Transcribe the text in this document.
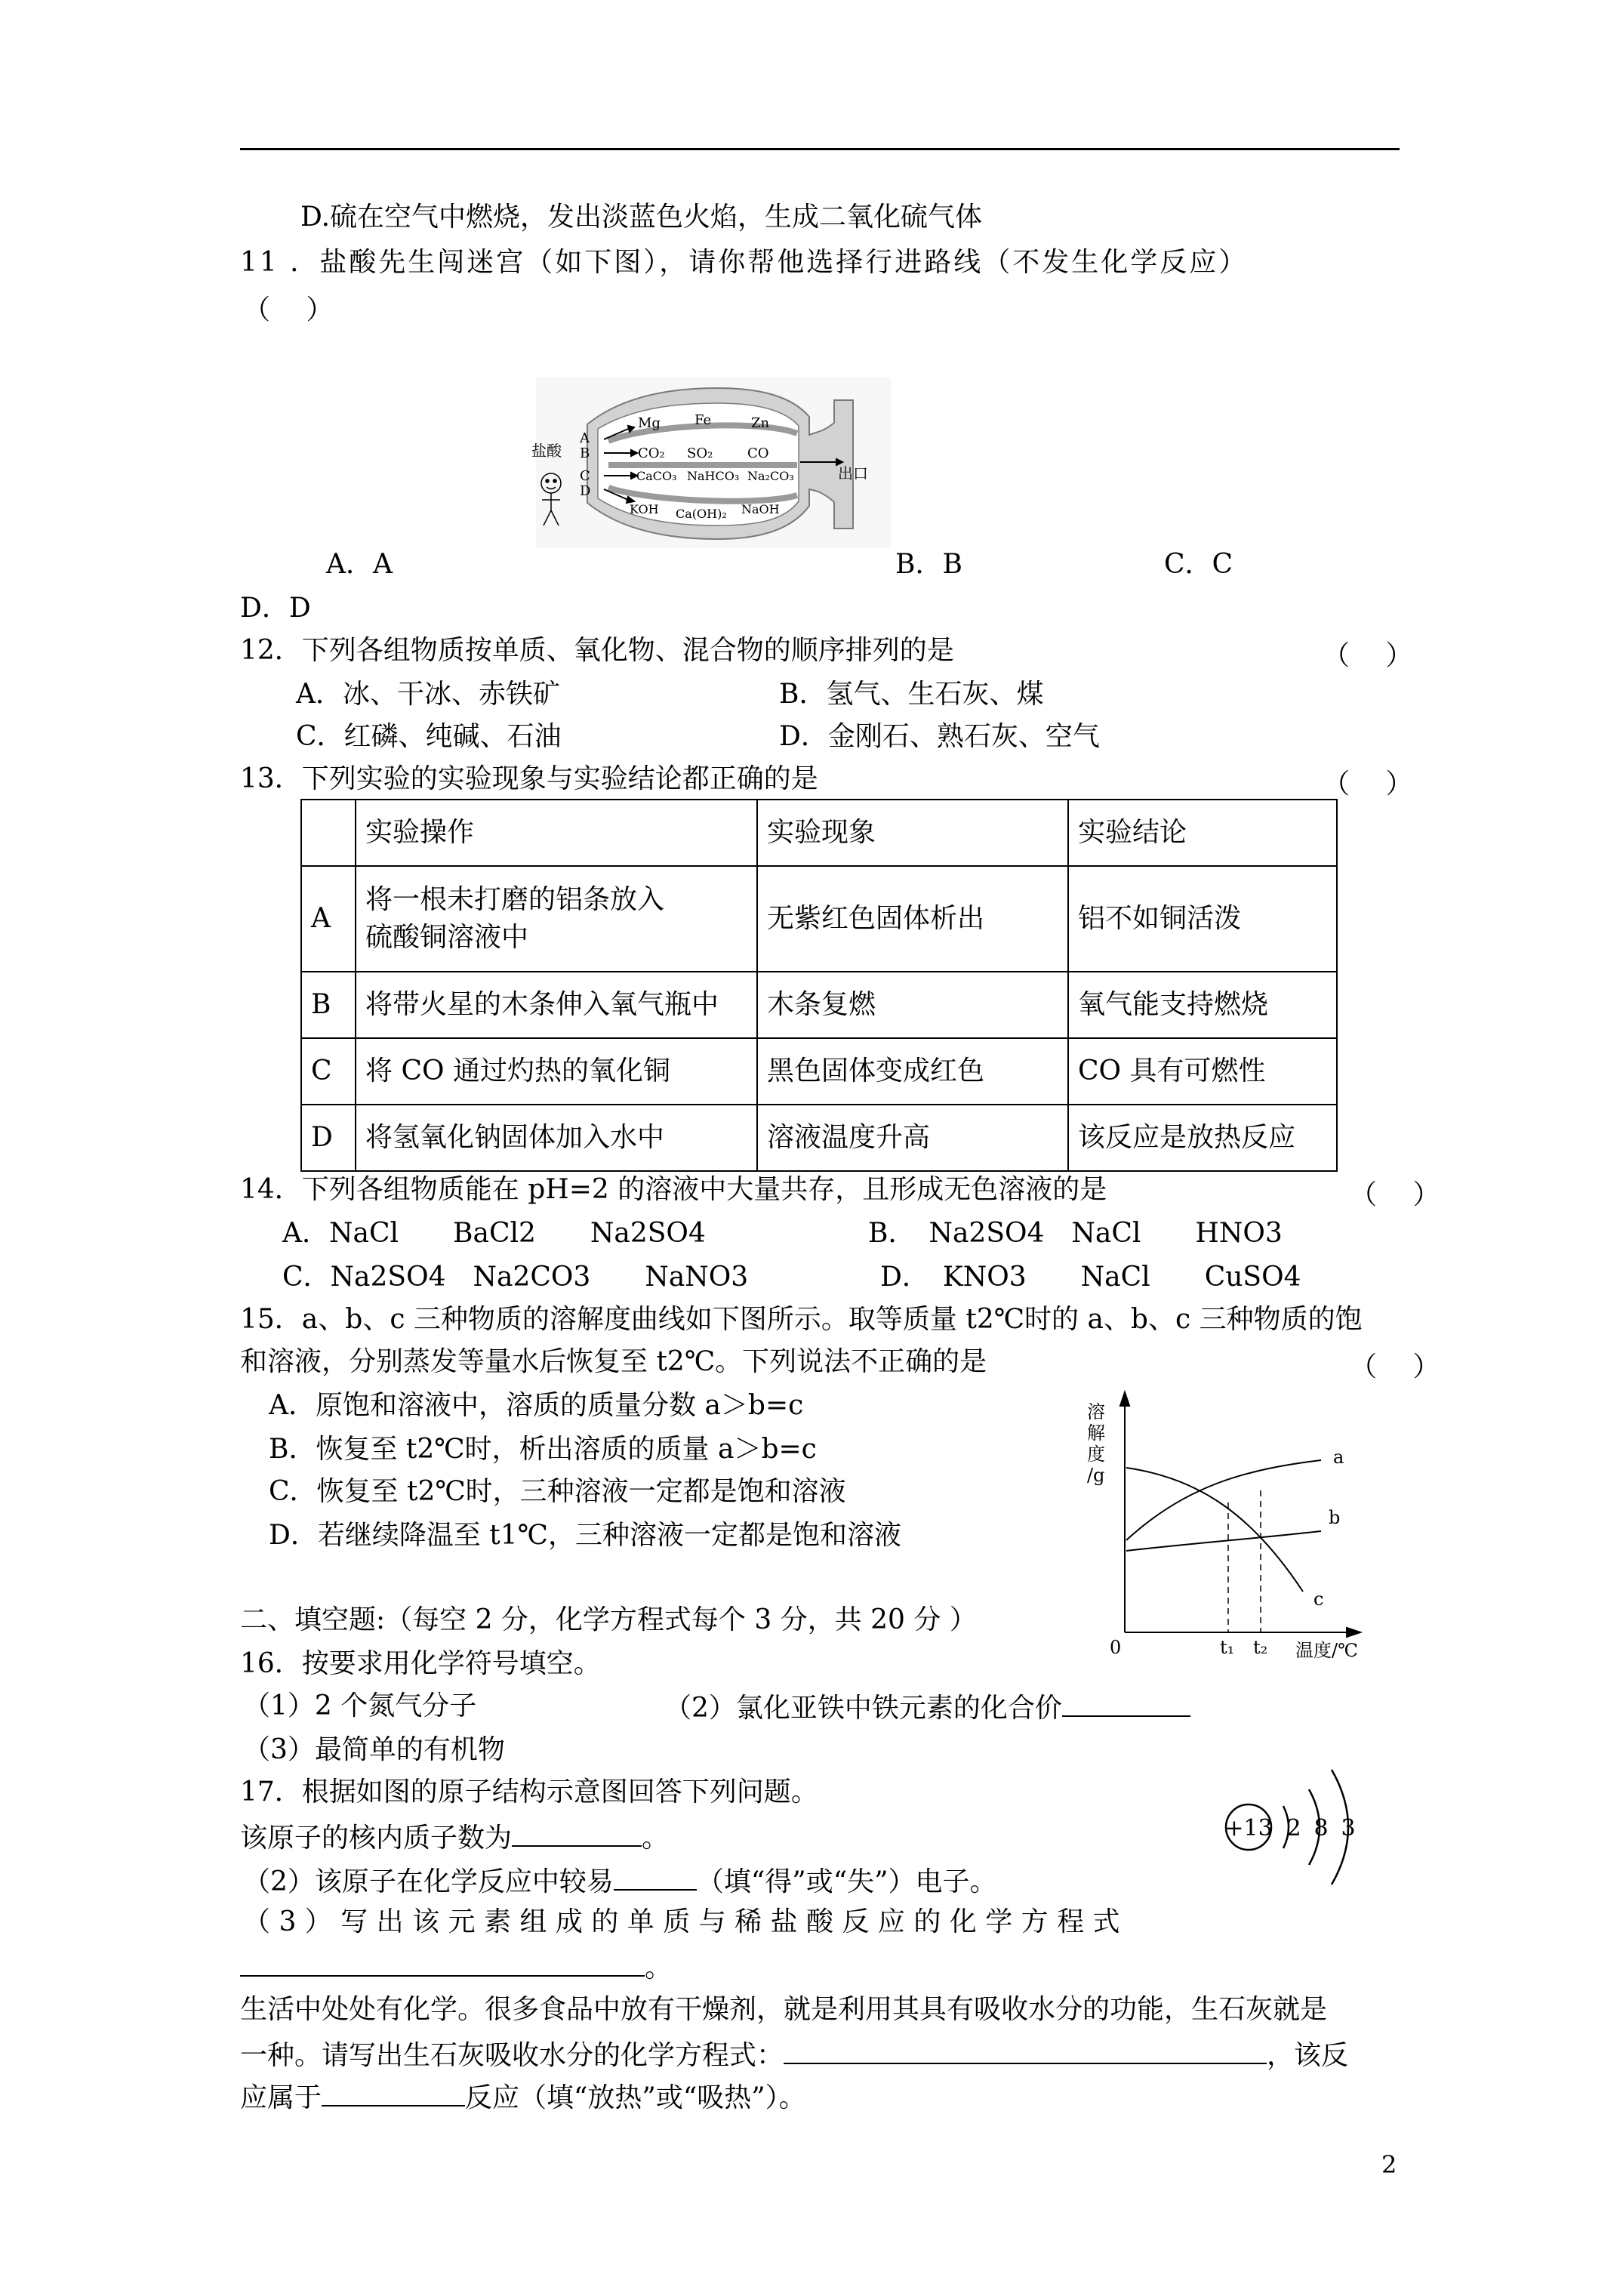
D.硫在空气中燃烧，发出淡蓝色火焰，生成二氧化硫气体
11 ．盐酸先生闯迷宫（如下图），请你帮他选择行进路线（不发生化学反应）
（　 ）
盐酸
A
B
C
D
Mg	Fe	Zn
CO₂ SO₂	CO
CaCO₃ NaHCO₃ Na₂CO₃
KOH Ca(OH)₂ NaOH
出口
A．A	B．B	C．C
D．D
12．下列各组物质按单质、氧化物、混合物的顺序排列的是	（　 ）
A．冰、干冰、赤铁矿	B．氢气、生石灰、煤
C．红磷、纯碱、石油	D．金刚石、熟石灰、空气
13．下列实验的实验现象与实验结论都正确的是	（　 ）
	实验操作	实验现象	实验结论
A	将一根未打磨的铝条放入
硫酸铜溶液中	无紫红色固体析出	铝不如铜活泼
B	将带火星的木条伸入氧气瓶中	木条复燃	氧气能支持燃烧
C	将 CO 通过灼热的氧化铜	黑色固体变成红色	CO 具有可燃性
D	将氢氧化钠固体加入水中	溶液温度升高	该反应是放热反应
14．下列各组物质能在 pH=2 的溶液中大量共存，且形成无色溶液的是	（　 ）
A．NaCl　　BaCl2　　Na2SO4	B．　Na2SO4　NaCl　　HNO3
C．Na2SO4　Na2CO3　　NaNO3	D．　KNO3　　NaCl　　CuSO4
15．a、b、c 三种物质的溶解度曲线如下图所示。取等质量 t2℃时的 a、b、c 三种物质的饱
和溶液，分别蒸发等量水后恢复至 t2℃。下列说法不正确的是	（　 ）
A．原饱和溶液中，溶质的质量分数 a＞b=c
B．恢复至 t2℃时，析出溶质的质量 a＞b=c
C．恢复至 t2℃时，三种溶液一定都是饱和溶液
D．若继续降温至 t1℃，三种溶液一定都是饱和溶液
溶
解
度
/g
0	t₁ t₂ 温度/℃
a
b
c
二、填空题:（每空 2 分，化学方程式每个 3 分，共 20 分 ）
16．按要求用化学符号填空。
（1）2 个氮气分子	（2）氯化亚铁中铁元素的化合价
（3）最简单的有机物
17．根据如图的原子结构示意图回答下列问题。
该原子的核内质子数为	。
（2）该原子在化学反应中较易	（填“得”或“失”）电子。
（ 3 ） 写 出 该 元 素 组 成 的 单 质 与 稀 盐 酸 反 应 的 化 学 方 程 式
。
+13 2 8 3
生活中处处有化学。很多食品中放有干燥剂，就是利用其具有吸收水分的功能，生石灰就是
一种。请写出生石灰吸收水分的化学方程式：	，该反
应属于	反应（填“放热”或“吸热”）。
2
